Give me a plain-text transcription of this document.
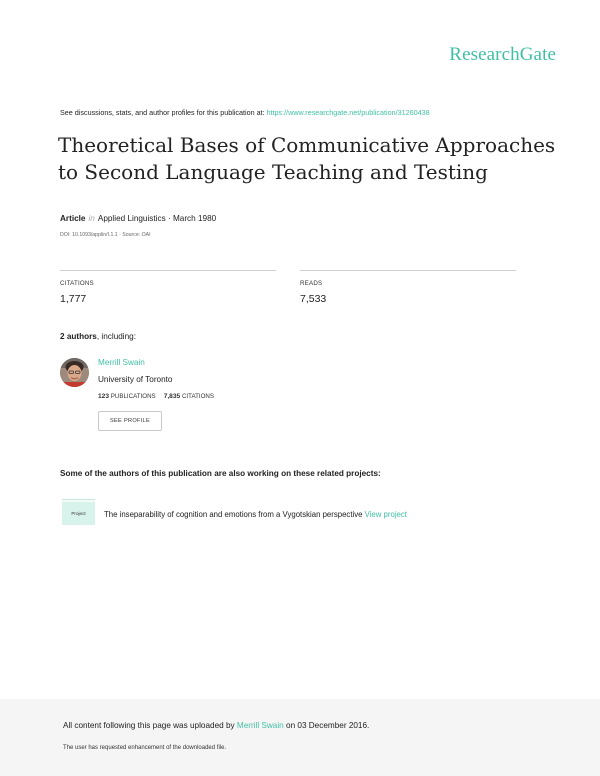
ResearchGate
See discussions, stats, and author profiles for this publication at: https://www.researchgate.net/publication/31260438
Theoretical Bases of Communicative Approaches
to Second Language Teaching and Testing
Article in Applied Linguistics · March 1980
DOI: 10.1093/applin/I.1.1 · Source: OAI
CITATIONS
1,777
READS
7,533
2 authors, including:
Merrill Swain
University of Toronto
123 PUBLICATIONS 7,835 CITATIONS
SEE PROFILE
Some of the authors of this publication are also working on these related projects:
Project	The inseparability of cognition and emotions from a Vygotskian perspective View project
All content following this page was uploaded by Merrill Swain on 03 December 2016.
The user has requested enhancement of the downloaded file.
